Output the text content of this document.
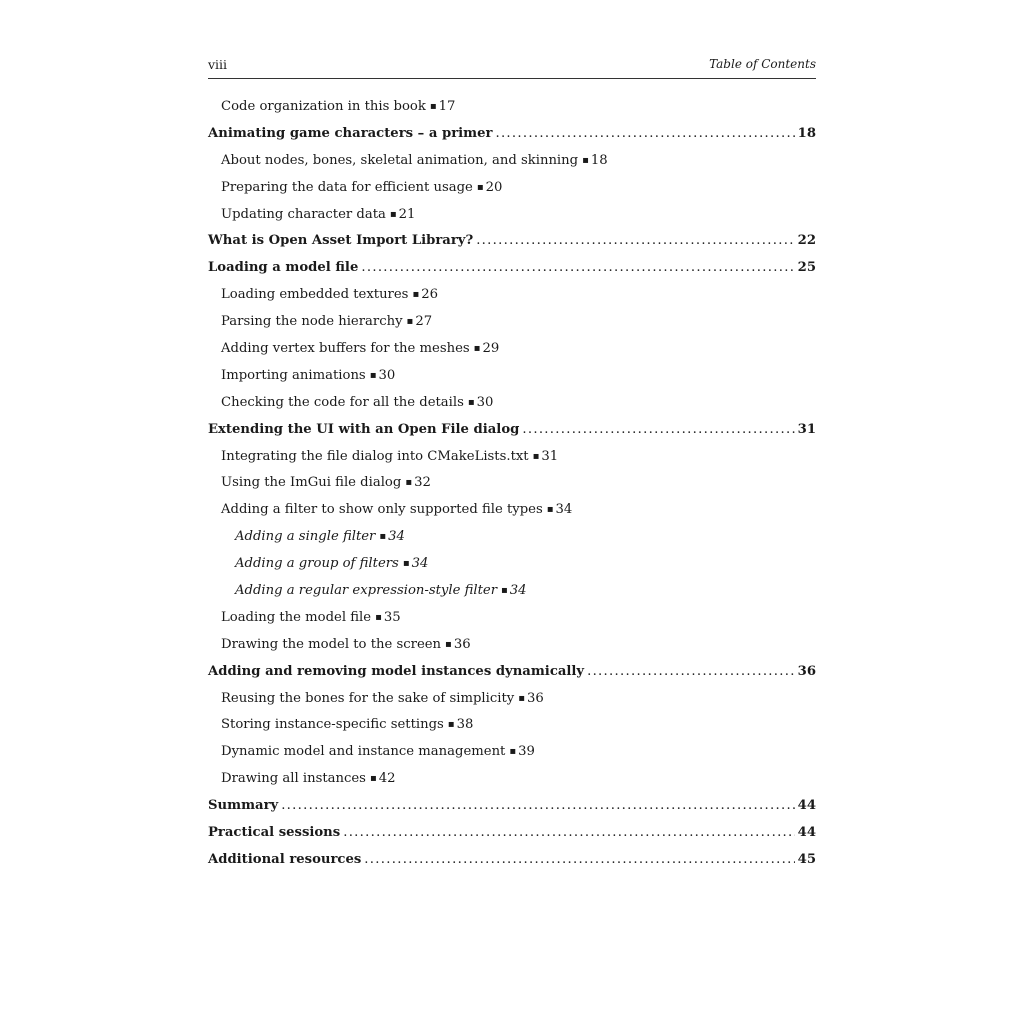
viii	Table of Contents
Code organization in this book ▪ 17
Animating game characters – a primer .....	18
About nodes, bones, skeletal animation, and skinning ▪ 18
Preparing the data for efficient usage ▪ 20
Updating character data ▪ 21
What is Open Asset Import Library? .....	22
Loading a model file .....	25
Loading embedded textures ▪ 26
Parsing the node hierarchy ▪ 27
Adding vertex buffers for the meshes ▪ 29
Importing animations ▪ 30
Checking the code for all the details ▪ 30
Extending the UI with an Open File dialog .....	31
Integrating the file dialog into CMakeLists.txt ▪ 31
Using the ImGui file dialog ▪ 32
Adding a filter to show only supported file types ▪ 34
Adding a single filter ▪ 34
Adding a group of filters ▪ 34
Adding a regular expression-style filter ▪ 34
Loading the model file ▪ 35
Drawing the model to the screen ▪ 36
Adding and removing model instances dynamically .....	36
Reusing the bones for the sake of simplicity ▪ 36
Storing instance-specific settings ▪ 38
Dynamic model and instance management ▪ 39
Drawing all instances ▪ 42
Summary .....	44
Practical sessions .....	44
Additional resources .....	45
